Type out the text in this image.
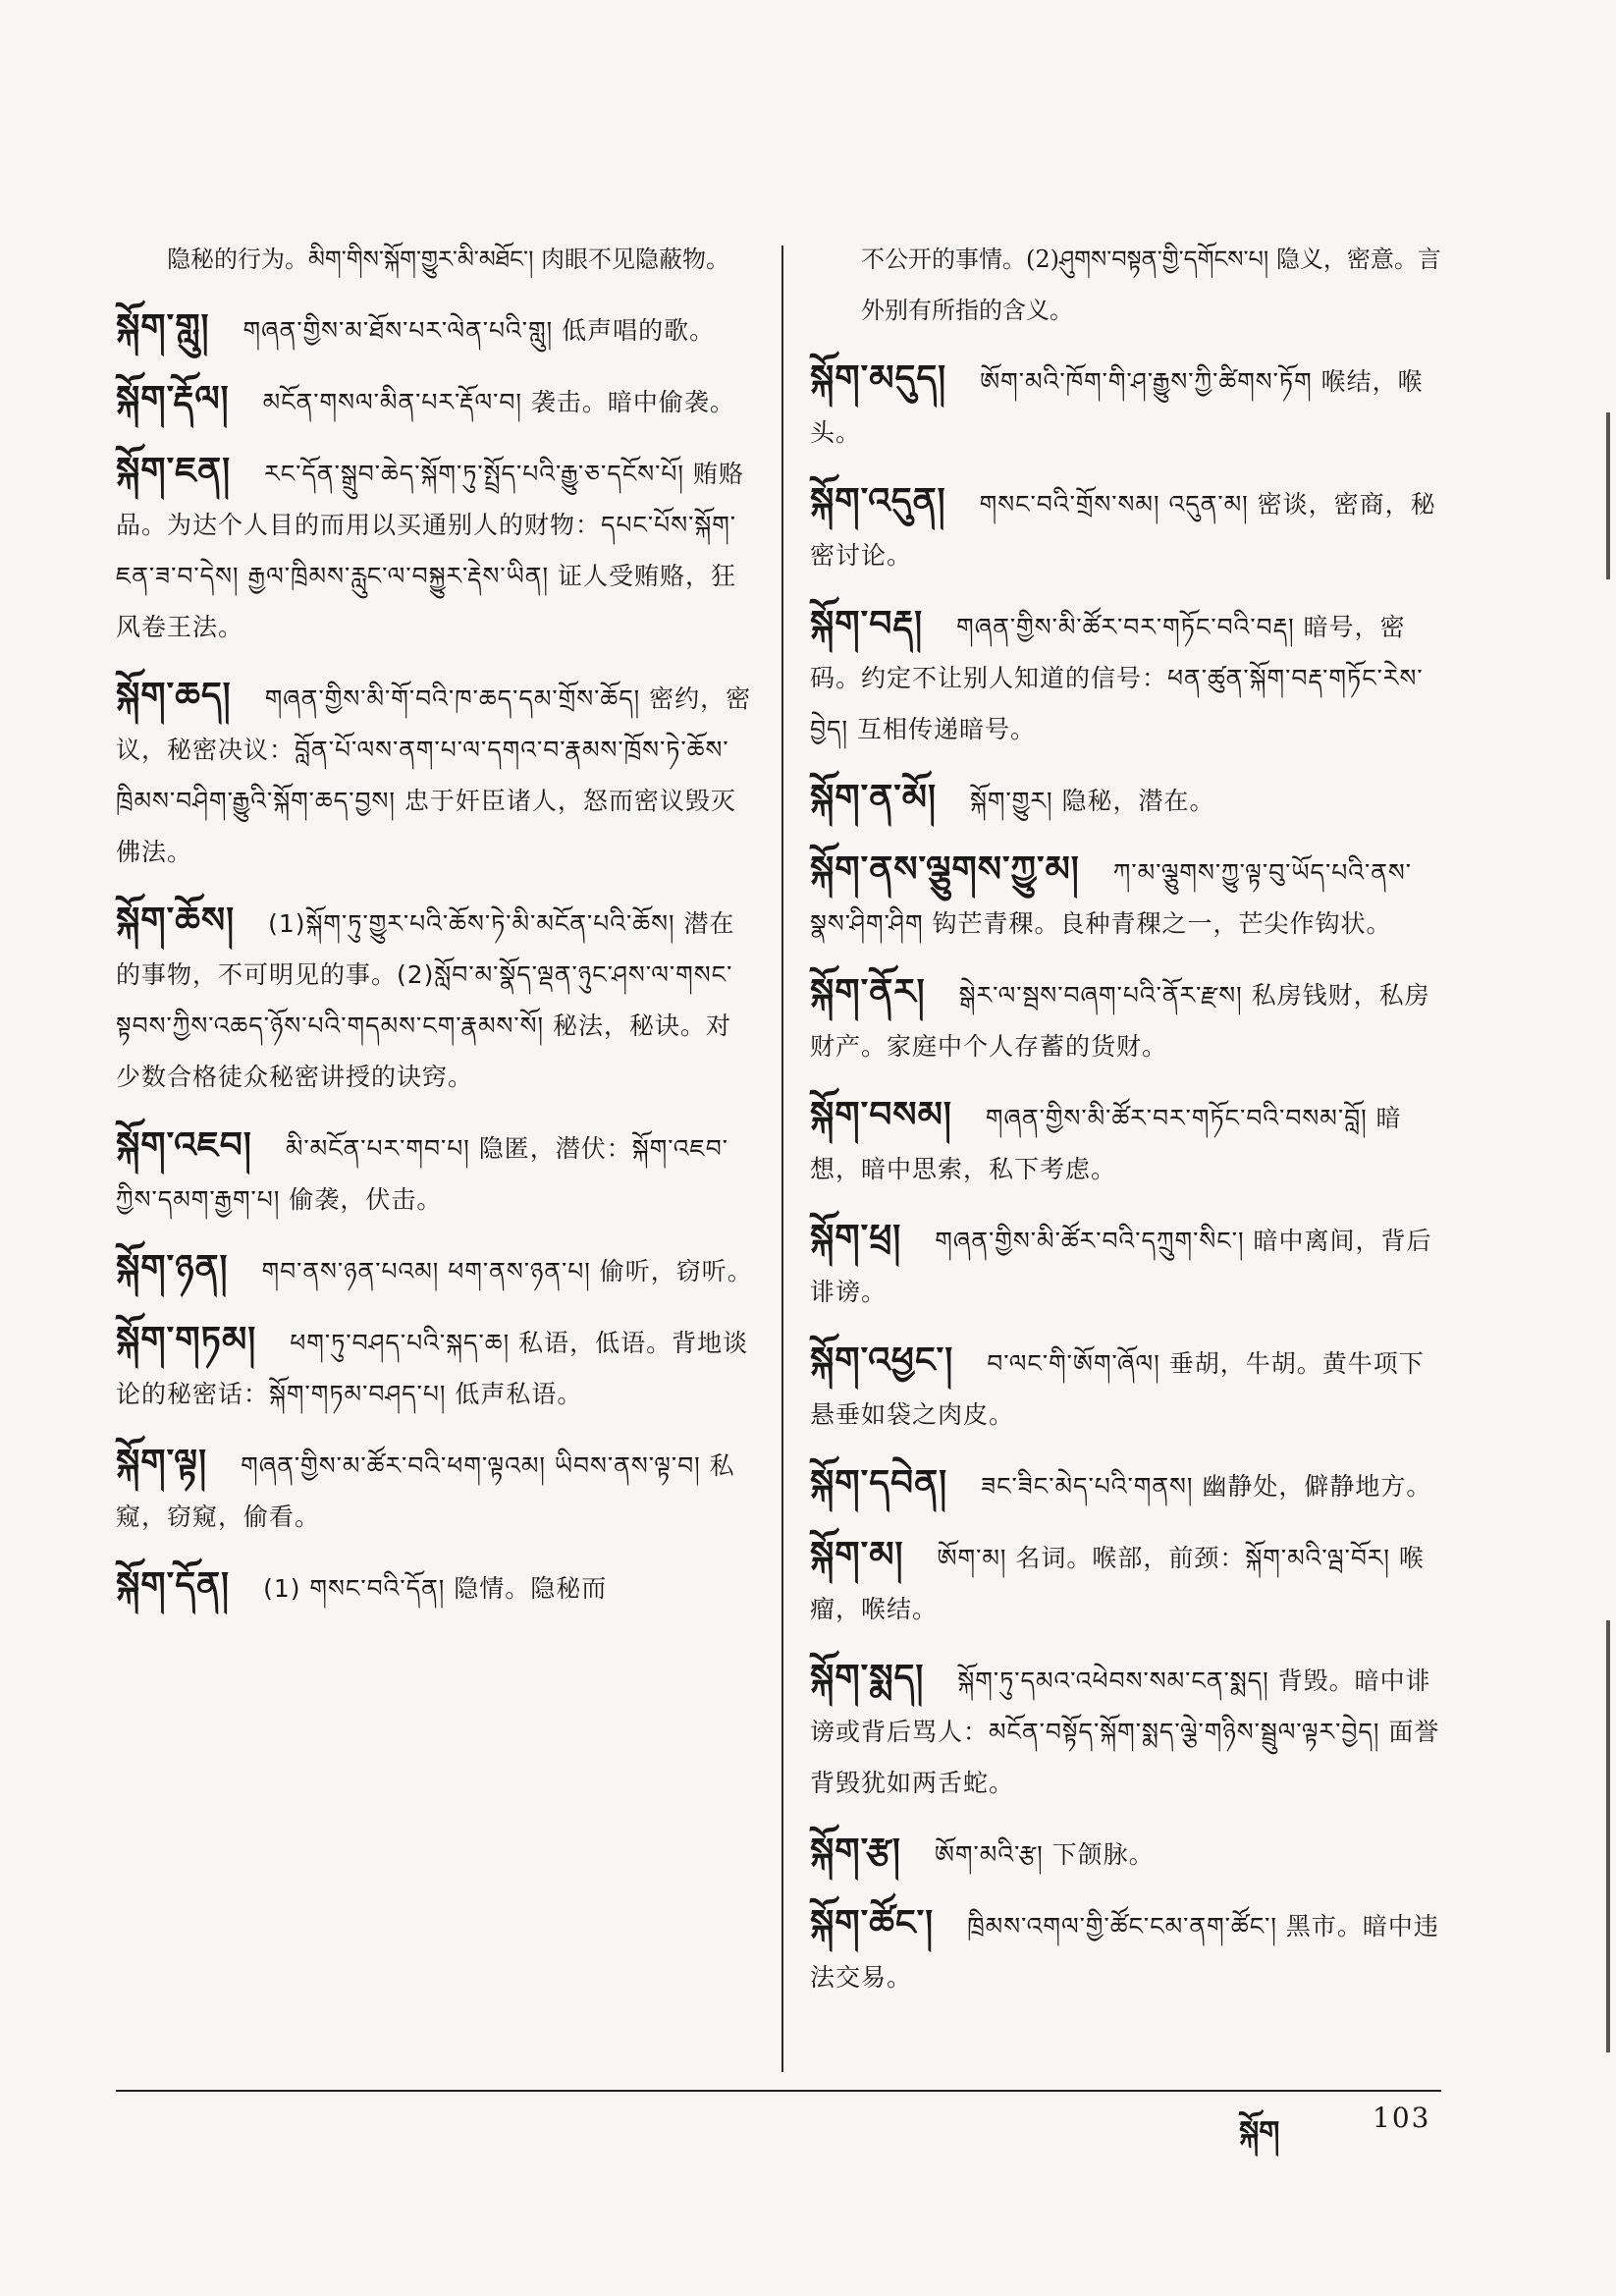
隐秘的行为。མིག་གིས་སྐོག་གྱུར་མི་མཐོང་། 肉眼不见隐蔽物。
སྐོག་གླུ། གཞན་གྱིས་མ་ཐོས་པར་ལེན་པའི་གླུ། 低声唱的歌。
སྐོག་རྡོལ། མངོན་གསལ་མིན་པར་རྡོལ་བ། 袭击。暗中偷袭。
སྐོག་ཇན། རང་དོན་སྒྲུབ་ཆེད་སྐོག་ཏུ་སྤྲོད་པའི་རྒྱུ་ཅ་དངོས་པོ། 贿赂品。为达个人目的而用以买通别人的财物：དཔང་པོས་སྐོག་ཇན་ཟ་བ་དེས། རྒྱལ་ཁྲིམས་རླུང་ལ་བསྐྱུར་རྡེས་ཡིན། 证人受贿赂，狂风卷王法。
སྐོག་ཆད། གཞན་གྱིས་མི་གོ་བའི་ཁ་ཆད་དམ་གྲོས་ཆོད། 密约，密议，秘密决议：བློན་པོ་ལས་ནག་པ་ལ་དགའ་བ་རྣམས་ཁྲོས་ཏེ་ཆོས་ཁྲིམས་བཤིག་རྒྱུའི་སྐོག་ཆད་བྱས། 忠于奸臣诸人，怒而密议毁灭佛法。
སྐོག་ཆོས། (1)སྐོག་ཏུ་གྱུར་པའི་ཆོས་ཏེ་མི་མངོན་པའི་ཆོས། 潜在的事物，不可明见的事。(2)སློབ་མ་སྣོད་ལྡན་ཉུང་ཤས་ལ་གསང་སྟབས་ཀྱིས་འཆད་ཉོས་པའི་གདམས་ངག་རྣམས་སོ། 秘法，秘诀。对少数合格徒众秘密讲授的诀窍。
སྐོག་འཇབ། མི་མངོན་པར་གབ་པ། 隐匿，潜伏：སྐོག་འཇབ་ཀྱིས་དམག་རྒྱག་པ། 偷袭，伏击。
སྐོག་ཉན། གབ་ནས་ཉན་པའམ། ཕག་ནས་ཉན་པ། 偷听，窃听。
སྐོག་གཏམ། ཕག་ཏུ་བཤད་པའི་སྐད་ཆ། 私语，低语。背地谈论的秘密话：སྐོག་གཏམ་བཤད་པ། 低声私语。
སྐོག་ལྟ། གཞན་གྱིས་མ་ཚོར་བའི་ཕག་ལྟའམ། ཡིབས་ནས་ལྟ་བ། 私窥，窃窥，偷看。
སྐོག་དོན། (1) གསང་བའི་དོན། 隐情。隐秘而
不公开的事情。(2)ཤུགས་བསྟན་གྱི་དགོངས་པ། 隐义，密意。言外别有所指的含义。
སྐོག་མདུད། ཨོག་མའི་ཁོག་གི་ཤ་རྒྱུས་ཀྱི་ཚིགས་ཏོག 喉结，喉头。
སྐོག་འདུན། གསང་བའི་གྲོས་སམ། འདུན་མ། 密谈，密商，秘密讨论。
སྐོག་བརྡ། གཞན་གྱིས་མི་ཚོར་བར་གཏོང་བའི་བརྡ། 暗号，密码。约定不让别人知道的信号：ཕན་ཚུན་སྐོག་བརྡ་གཏོང་རེས་བྱེད། 互相传递暗号。
སྐོག་ན་མོ། སྐོག་གྱུར། 隐秘，潜在。
སྐོག་ནས་ལྕུགས་ཀྱུ་མ། ཀ་མ་ལྕུགས་ཀྱུ་ལྟ་བུ་ཡོད་པའི་ནས་སྣས་ཤིག་ཤིག 钩芒青稞。良种青稞之一，芒尖作钩状。
སྐོག་ནོར། སྒེར་ལ་སྦས་བཞག་པའི་ནོར་རྫས། 私房钱财，私房财产。家庭中个人存蓄的货财。
སྐོག་བསམ། གཞན་གྱིས་མི་ཚོར་བར་གཏོང་བའི་བསམ་བློ། 暗想，暗中思索，私下考虑。
སྐོག་ཕྲ། གཞན་གྱིས་མི་ཚོར་བའི་དཀྲུག་སིང་། 暗中离间，背后诽谤。
སྐོག་འཕྱང་། བ་ལང་གི་ཨོག་ཞོལ། 垂胡，牛胡。黄牛项下悬垂如袋之肉皮。
སྐོག་དབེན། ཟང་ཟིང་མེད་པའི་གནས། 幽静处，僻静地方。
སྐོག་མ། ཨོག་མ། 名词。喉部，前颈：སྐོག་མའི་ལྦ་བོར། 喉瘤，喉结。
སྐོག་སྨད། སྐོག་ཏུ་དམའ་འཕེབས་སམ་ངན་སྨད། 背毁。暗中诽谤或背后骂人：མངོན་བསྟོད་སྐོག་སྨད་ལྕེ་གཉིས་སྦྲུལ་ལྟར་བྱེད། 面誉背毁犹如两舌蛇。
སྐོག་རྩ། ཨོག་མའི་རྩ། 下颌脉。
སྐོག་ཚོང་། ཁྲིམས་འགལ་གྱི་ཚོང་ངམ་ནག་ཚོང་། 黑市。暗中违法交易。
སྐོག	103
